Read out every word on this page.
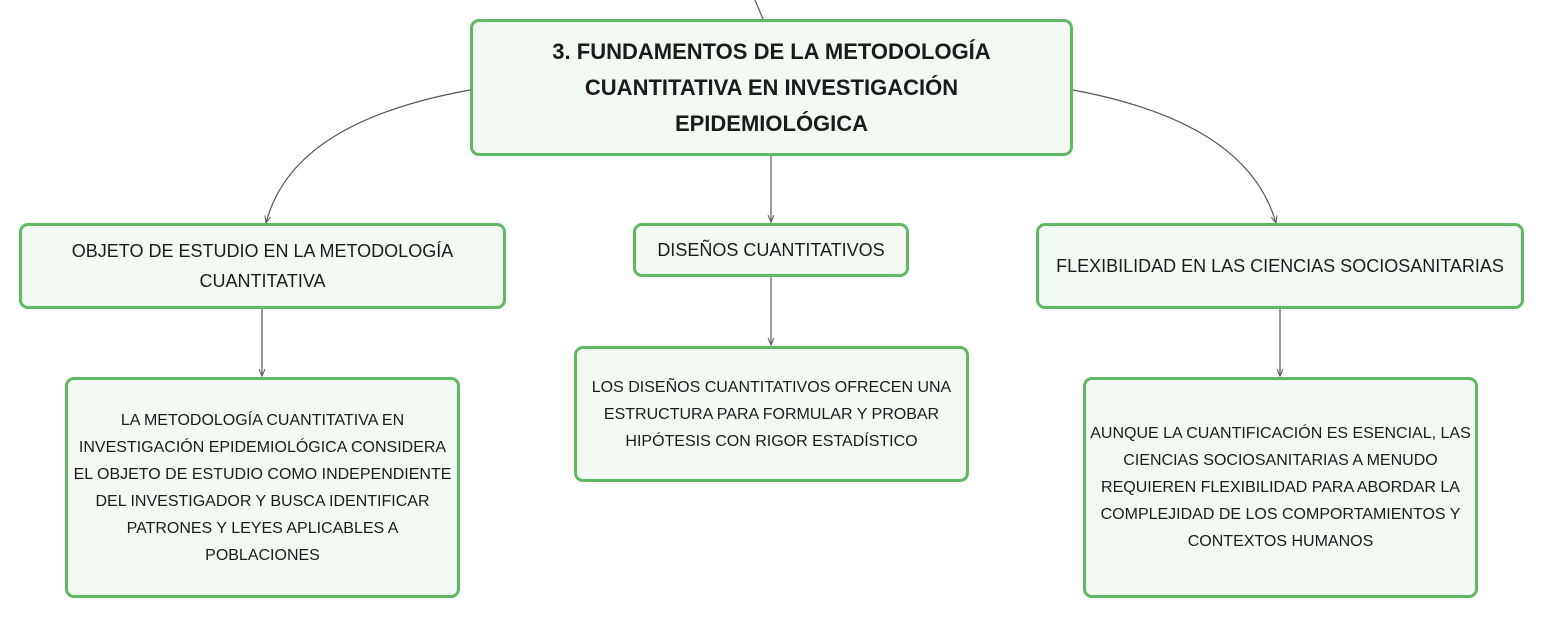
3. FUNDAMENTOS DE LA METODOLOGÍA CUANTITATIVA EN INVESTIGACIÓN EPIDEMIOLÓGICA
OBJETO DE ESTUDIO EN LA METODOLOGÍA CUANTITATIVA
DISEÑOS CUANTITATIVOS
FLEXIBILIDAD EN LAS CIENCIAS SOCIOSANITARIAS
LA METODOLOGÍA CUANTITATIVA EN INVESTIGACIÓN EPIDEMIOLÓGICA CONSIDERA EL OBJETO DE ESTUDIO COMO INDEPENDIENTE DEL INVESTIGADOR Y BUSCA IDENTIFICAR PATRONES Y LEYES APLICABLES A POBLACIONES
LOS DISEÑOS CUANTITATIVOS OFRECEN UNA ESTRUCTURA PARA FORMULAR Y PROBAR HIPÓTESIS CON RIGOR ESTADÍSTICO	AUNQUE LA CUANTIFICACIÓN ES ESENCIAL, LAS CIENCIAS SOCIOSANITARIAS A MENUDO REQUIEREN FLEXIBILIDAD PARA ABORDAR LA COMPLEJIDAD DE LOS COMPORTAMIENTOS Y CONTEXTOS HUMANOS
